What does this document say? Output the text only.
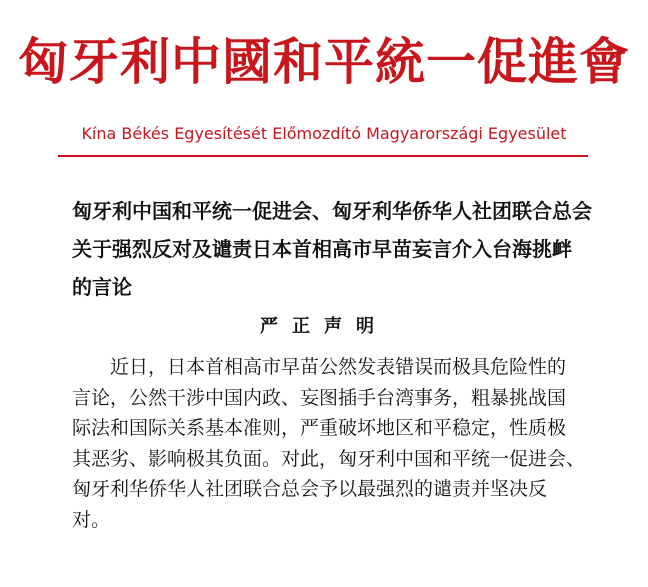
匈牙利中國和平統一促進會
Kína Békés Egyesítését Előmozdító Magyarországi Egyesület
匈牙利中国和平统一促进会、匈牙利华侨华人社团联合总会
关于强烈反对及谴责日本首相高市早苗妄言介入台海挑衅
的言论
严正声明
近日，日本首相高市早苗公然发表错误而极具危险性的
言论，公然干涉中国内政、妄图插手台湾事务，粗暴挑战国
际法和国际关系基本准则，严重破坏地区和平稳定，性质极
其恶劣、影响极其负面。对此，匈牙利中国和平统一促进会、
匈牙利华侨华人社团联合总会予以最强烈的谴责并坚决反
对。
